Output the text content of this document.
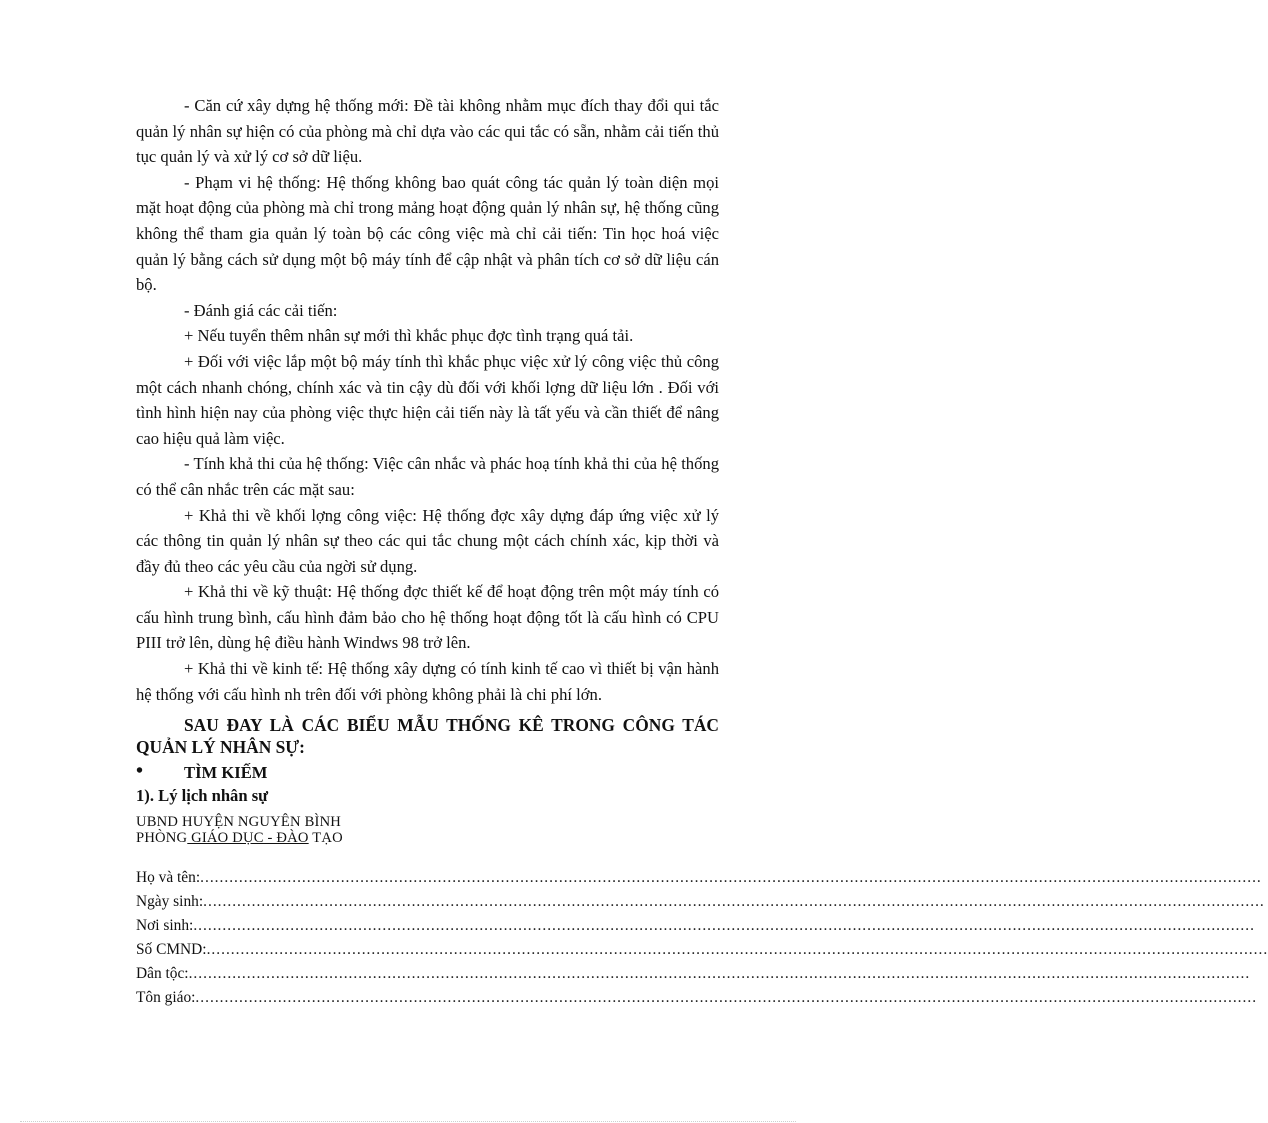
- Căn cứ xây dựng hệ thống mới: Đề tài không nhằm mục đích thay đổi qui tắc quản lý nhân sự hiện có của phòng mà chỉ dựa vào các qui tắc có sẵn, nhằm cải tiến thủ tục quản lý và xử lý cơ sở dữ liệu.

- Phạm vi hệ thống: Hệ thống không bao quát công tác quản lý toàn diện mọi mặt hoạt động của phòng mà chỉ trong mảng hoạt động quản lý nhân sự, hệ thống cũng không thể tham gia quản lý toàn bộ các công việc mà chỉ cải tiến: Tin học hoá việc quản lý bằng cách sử dụng một bộ máy tính để cập nhật và phân tích cơ sở dữ liệu cán bộ.

- Đánh giá các cải tiến:

+ Nếu tuyển thêm nhân sự mới thì khắc phục đợc tình trạng quá tải.

+ Đối với việc lắp một bộ máy tính thì khắc phục việc xử lý công việc thủ công một cách nhanh chóng, chính xác và tin cậy dù đối với khối lợng dữ liệu lớn . Đối với tình hình hiện nay của phòng việc thực hiện cải tiến này là tất yếu và cần thiết để nâng cao hiệu quả làm việc.

- Tính khả thi của hệ thống: Việc cân nhắc và phác hoạ tính khả thi của hệ thống có thể cân nhắc trên các mặt sau:

+ Khả thi về khối lợng công việc: Hệ thống đợc xây dựng đáp ứng việc xử lý các thông tin quản lý nhân sự theo các qui tắc chung một cách chính xác, kịp thời và đầy đủ theo các yêu cầu của ngời sử dụng.

+ Khả thi về kỹ thuật: Hệ thống đợc thiết kế để hoạt động trên một máy tính có cấu hình trung bình, cấu hình đảm bảo cho hệ thống hoạt động tốt là cấu hình có CPU PIII trở lên, dùng hệ điều hành Windws 98 trở lên.

+ Khả thi về kinh tế: Hệ thống xây dựng có tính kinh tế cao vì thiết bị vận hành hệ thống với cấu hình nh trên đối với phòng không phải là chi phí lớn.

SAU ĐAY LÀ CÁC BIỂU MẪU THỐNG KÊ TRONG CÔNG TÁC QUẢN LÝ NHÂN SỰ:

•	TÌM KIẾM

1). Lý lịch nhân sự

UBND HUYỆN NGUYÊN BÌNH
PHÒNG GIÁO DỤC - ĐÀO TẠO
Họ và tên: ...........................................................................................................................................................................................................................
Ngày sinh: ...........................................................................................................................................................................................................................
Nơi sinh: ...........................................................................................................................................................................................................................
Số CMND: ...........................................................................................................................................................................................................................
Dân tộc: ...........................................................................................................................................................................................................................
Tôn giáo: ...........................................................................................................................................................................................................................
